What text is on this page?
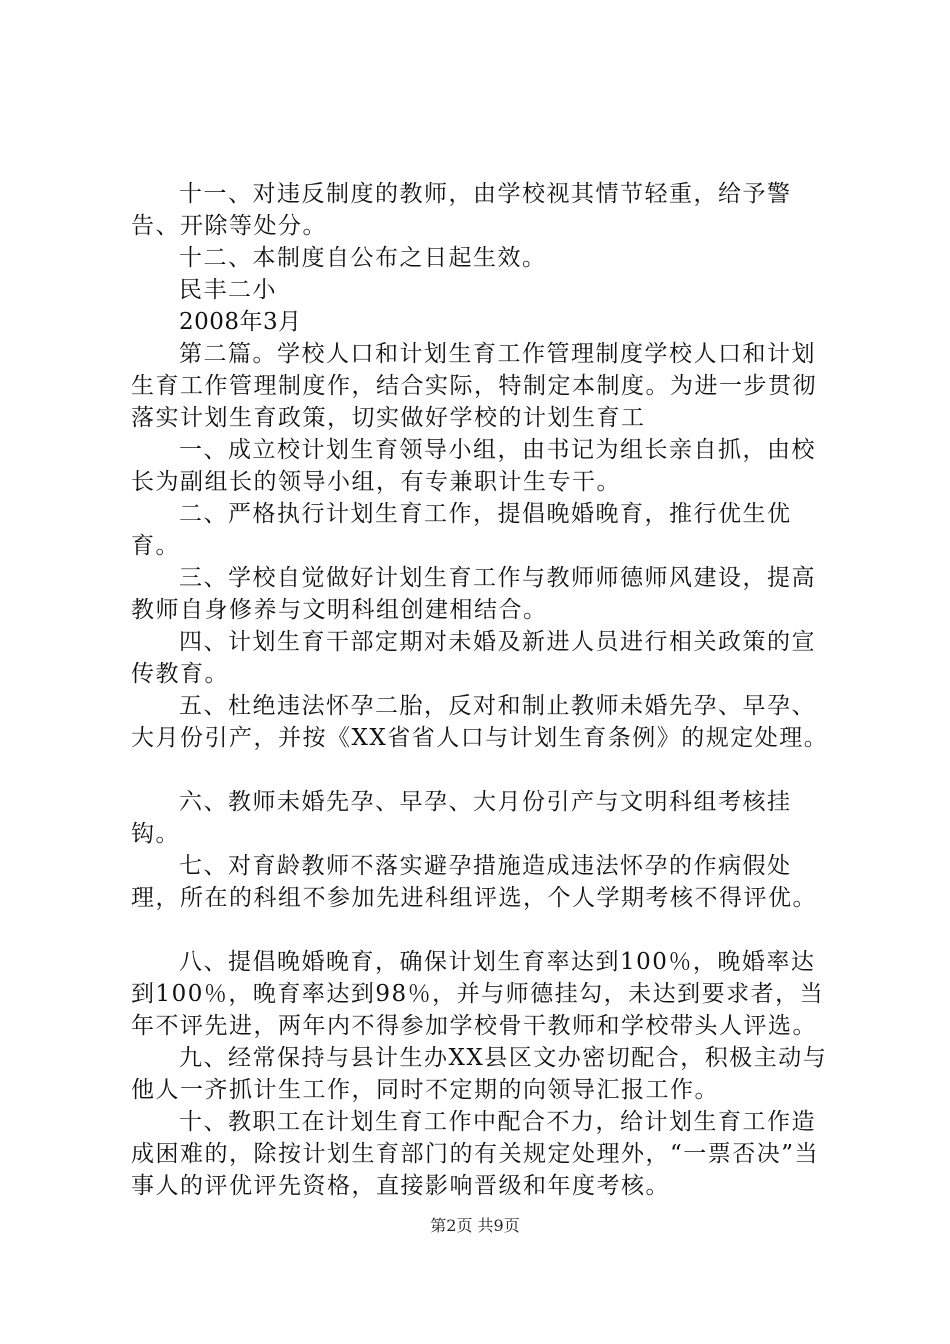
十一、对违反制度的教师，由学校视其情节轻重，给予警告、开除等处分。

十二、本制度自公布之日起生效。

民丰二小

2008年3月

第二篇。学校人口和计划生育工作管理制度学校人口和计划生育工作管理制度作，结合实际，特制定本制度。为进一步贯彻落实计划生育政策，切实做好学校的计划生育工

一、成立校计划生育领导小组，由书记为组长亲自抓，由校长为副组长的领导小组，有专兼职计生专干。

二、严格执行计划生育工作，提倡晚婚晚育，推行优生优育。

三、学校自觉做好计划生育工作与教师师德师风建设，提高教师自身修养与文明科组创建相结合。

四、计划生育干部定期对未婚及新进人员进行相关政策的宣传教育。

五、杜绝违法怀孕二胎，反对和制止教师未婚先孕、早孕、大月份引产，并按《XX省省人口与计划生育条例》的规定处理。

六、教师未婚先孕、早孕、大月份引产与文明科组考核挂钩。

七、对育龄教师不落实避孕措施造成违法怀孕的作病假处理，所在的科组不参加先进科组评选，个人学期考核不得评优。

八、提倡晚婚晚育，确保计划生育率达到100％，晚婚率达到100％，晚育率达到98％，并与师德挂勾，未达到要求者，当年不评先进，两年内不得参加学校骨干教师和学校带头人评选。

九、经常保持与县计生办XX县区文办密切配合，积极主动与他人一齐抓计生工作，同时不定期的向领导汇报工作。

十、教职工在计划生育工作中配合不力，给计划生育工作造成困难的，除按计划生育部门的有关规定处理外，“一票否决”当事人的评优评先资格，直接影响晋级和年度考核。

第2页 共9页
